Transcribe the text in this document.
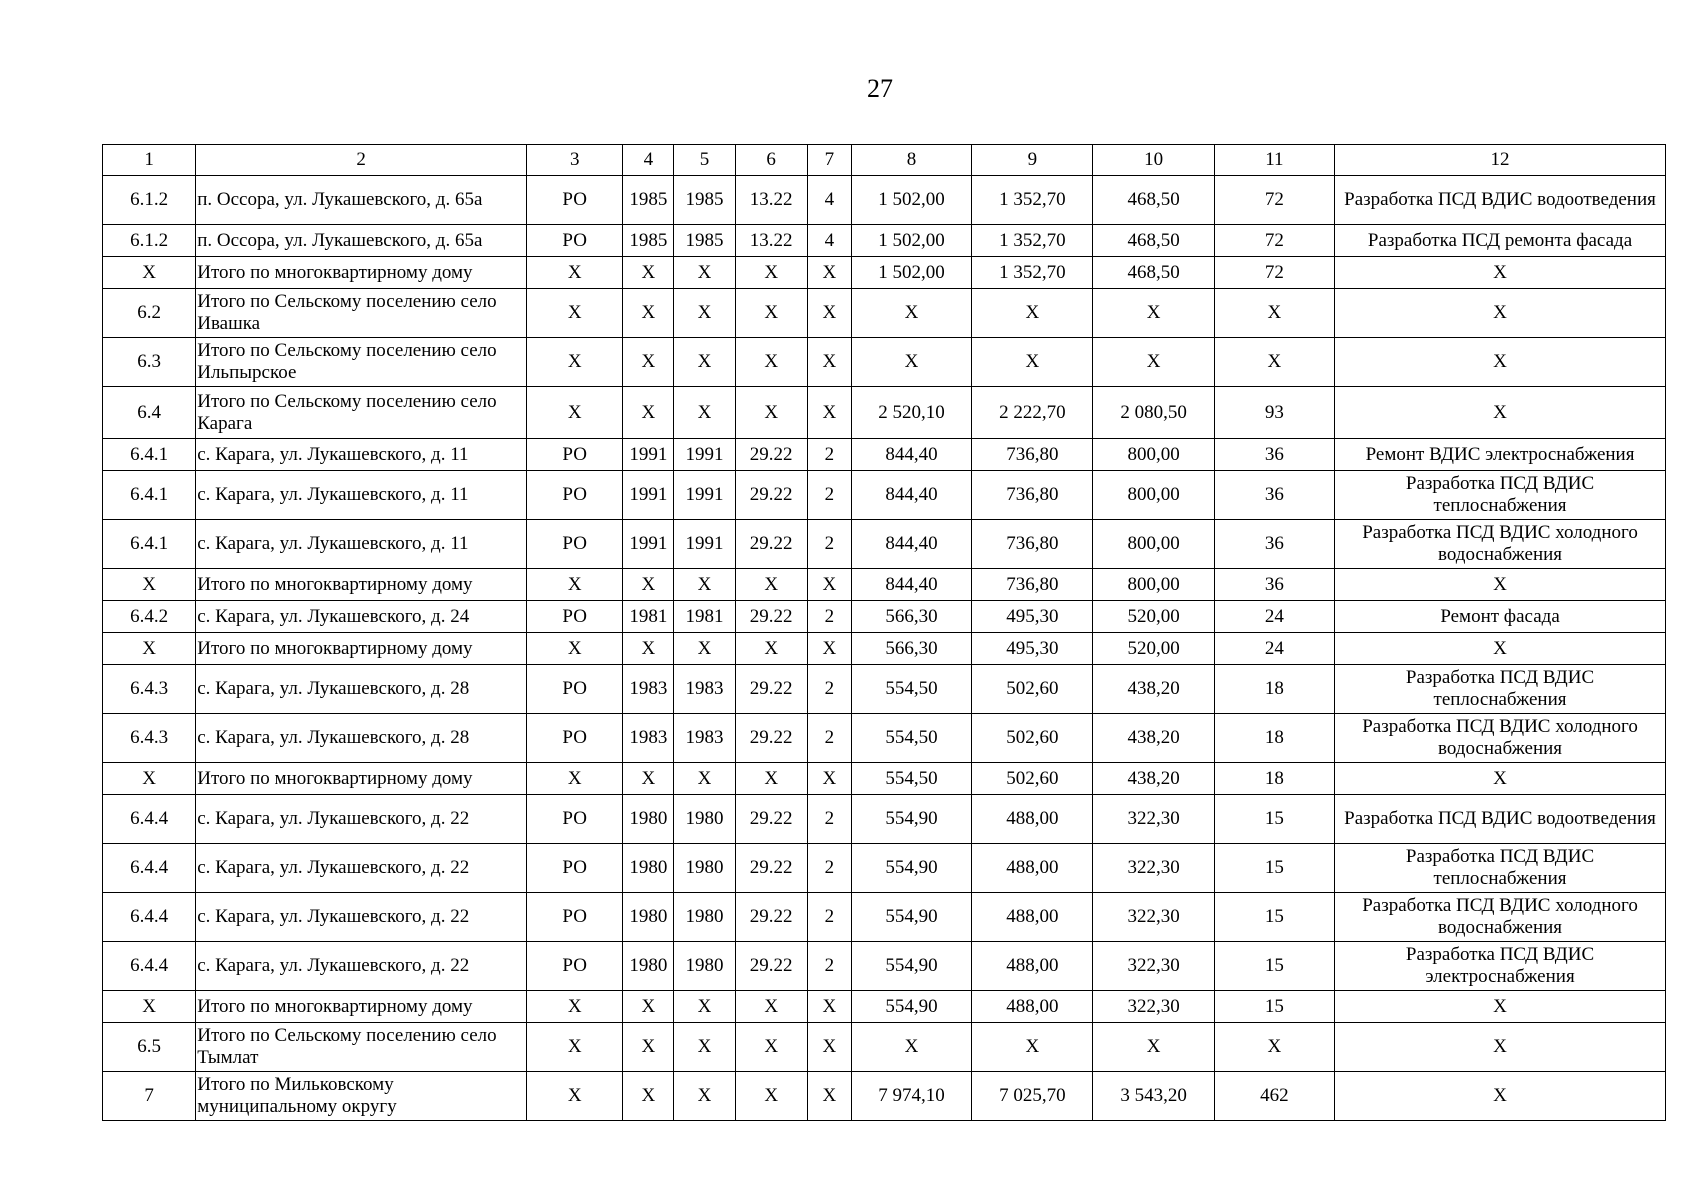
27
1	2	3	4	5	6	7	8	9	10	11	12
6.1.2	п. Оссора, ул. Лукашевского, д. 65а	РО	1985	1985	13.22	4	1 502,00	1 352,70	468,50	72	Разработка ПСД ВДИС водоотведения
6.1.2	п. Оссора, ул. Лукашевского, д. 65а	РО	1985	1985	13.22	4	1 502,00	1 352,70	468,50	72	Разработка ПСД ремонта фасада
Х	Итого по многоквартирному дому	Х	Х	Х	Х	Х	1 502,00	1 352,70	468,50	72	Х
6.2	Итого по Сельскому поселению село Ивашка	Х	Х	Х	Х	Х	Х	Х	Х	Х	Х
6.3	Итого по Сельскому поселению село Ильпырское	Х	Х	Х	Х	Х	Х	Х	Х	Х	Х
6.4	Итого по Сельскому поселению село Карага	Х	Х	Х	Х	Х	2 520,10	2 222,70	2 080,50	93	Х
6.4.1	с. Карага, ул. Лукашевского, д. 11	РО	1991	1991	29.22	2	844,40	736,80	800,00	36	Ремонт ВДИС электроснабжения
6.4.1	с. Карага, ул. Лукашевского, д. 11	РО	1991	1991	29.22	2	844,40	736,80	800,00	36	Разработка ПСД ВДИС теплоснабжения
6.4.1	с. Карага, ул. Лукашевского, д. 11	РО	1991	1991	29.22	2	844,40	736,80	800,00	36	Разработка ПСД ВДИС холодного водоснабжения
Х	Итого по многоквартирному дому	Х	Х	Х	Х	Х	844,40	736,80	800,00	36	Х
6.4.2	с. Карага, ул. Лукашевского, д. 24	РО	1981	1981	29.22	2	566,30	495,30	520,00	24	Ремонт фасада
Х	Итого по многоквартирному дому	Х	Х	Х	Х	Х	566,30	495,30	520,00	24	Х
6.4.3	с. Карага, ул. Лукашевского, д. 28	РО	1983	1983	29.22	2	554,50	502,60	438,20	18	Разработка ПСД ВДИС теплоснабжения
6.4.3	с. Карага, ул. Лукашевского, д. 28	РО	1983	1983	29.22	2	554,50	502,60	438,20	18	Разработка ПСД ВДИС холодного водоснабжения
Х	Итого по многоквартирному дому	Х	Х	Х	Х	Х	554,50	502,60	438,20	18	Х
6.4.4	с. Карага, ул. Лукашевского, д. 22	РО	1980	1980	29.22	2	554,90	488,00	322,30	15	Разработка ПСД ВДИС водоотведения
6.4.4	с. Карага, ул. Лукашевского, д. 22	РО	1980	1980	29.22	2	554,90	488,00	322,30	15	Разработка ПСД ВДИС теплоснабжения
6.4.4	с. Карага, ул. Лукашевского, д. 22	РО	1980	1980	29.22	2	554,90	488,00	322,30	15	Разработка ПСД ВДИС холодного водоснабжения
6.4.4	с. Карага, ул. Лукашевского, д. 22	РО	1980	1980	29.22	2	554,90	488,00	322,30	15	Разработка ПСД ВДИС электроснабжения
Х	Итого по многоквартирному дому	Х	Х	Х	Х	Х	554,90	488,00	322,30	15	Х
6.5	Итого по Сельскому поселению село Тымлат	Х	Х	Х	Х	Х	Х	Х	Х	Х	Х
7	Итого по Мильковскому муниципальному округу	Х	Х	Х	Х	Х	7 974,10	7 025,70	3 543,20	462	Х
